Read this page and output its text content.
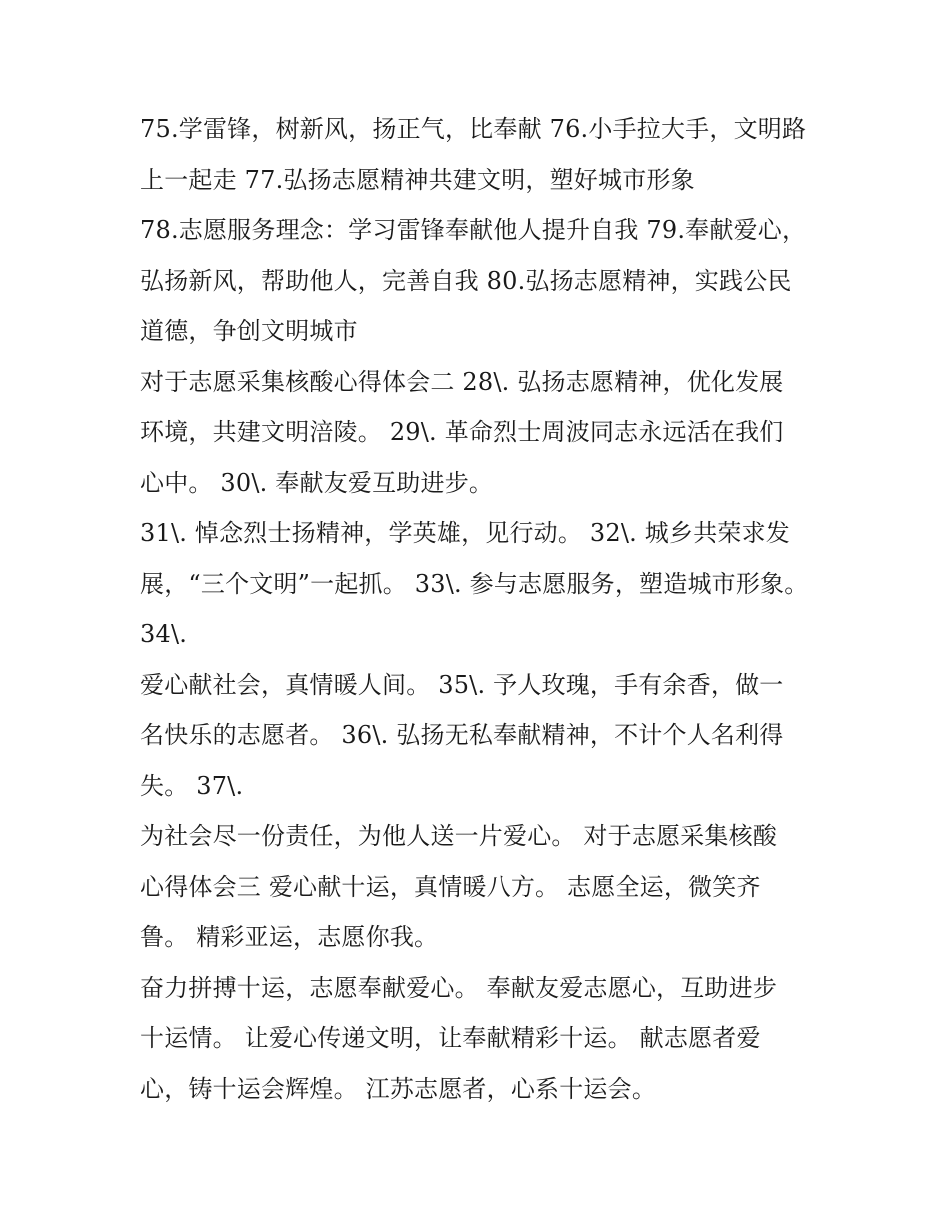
75.学雷锋，树新风，扬正气，比奉献 76.小手拉大手，文明路
上一起走 77.弘扬志愿精神共建文明，塑好城市形象
78.志愿服务理念：学习雷锋奉献他人提升自我 79.奉献爱心，
弘扬新风，帮助他人，完善自我 80.弘扬志愿精神，实践公民
道德，争创文明城市
对于志愿采集核酸心得体会二 28\. 弘扬志愿精神，优化发展
环境，共建文明涪陵。 29\. 革命烈士周波同志永远活在我们
心中。 30\. 奉献友爱互助进步。
31\. 悼念烈士扬精神，学英雄，见行动。 32\. 城乡共荣求发
展，“三个文明”一起抓。 33\. 参与志愿服务，塑造城市形象。
34\.
爱心献社会，真情暖人间。 35\. 予人玫瑰，手有余香，做一
名快乐的志愿者。 36\. 弘扬无私奉献精神，不计个人名利得
失。 37\.
为社会尽一份责任，为他人送一片爱心。 对于志愿采集核酸
心得体会三 爱心献十运，真情暖八方。 志愿全运，微笑齐
鲁。 精彩亚运，志愿你我。
奋力拼搏十运，志愿奉献爱心。 奉献友爱志愿心，互助进步
十运情。 让爱心传递文明，让奉献精彩十运。 献志愿者爱
心，铸十运会辉煌。 江苏志愿者，心系十运会。
